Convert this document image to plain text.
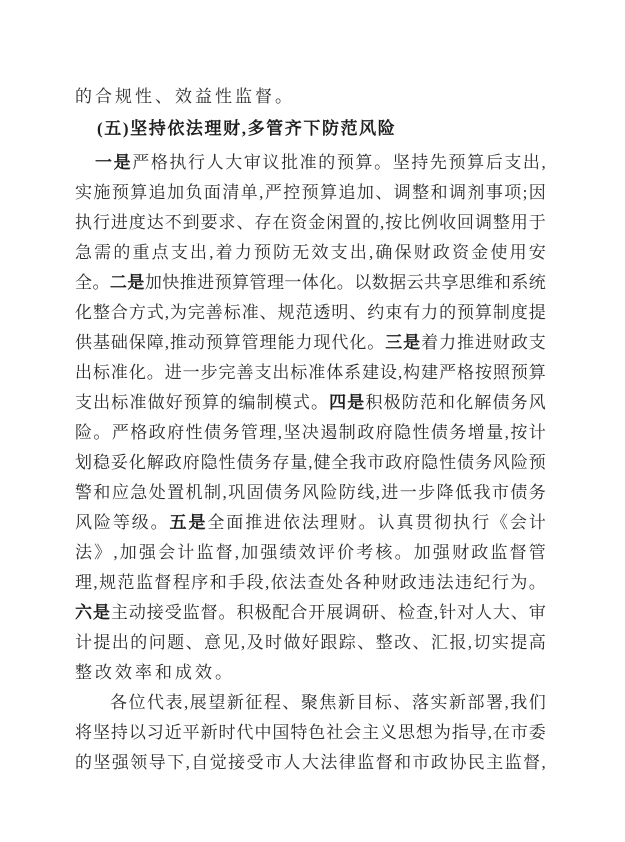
的合规性、效益性监督。
(五)坚持依法理财,多管齐下防范风险
一是严格执行人大审议批准的预算。坚持先预算后支出,
实施预算追加负面清单,严控预算追加、调整和调剂事项;因
执行进度达不到要求、存在资金闲置的,按比例收回调整用于
急需的重点支出,着力预防无效支出,确保财政资金使用安
全。二是加快推进预算管理一体化。以数据云共享思维和系统
化整合方式,为完善标准、规范透明、约束有力的预算制度提
供基础保障,推动预算管理能力现代化。三是着力推进财政支
出标准化。进一步完善支出标准体系建设,构建严格按照预算
支出标准做好预算的编制模式。四是积极防范和化解债务风
险。严格政府性债务管理,坚决遏制政府隐性债务增量,按计
划稳妥化解政府隐性债务存量,健全我市政府隐性债务风险预
警和应急处置机制,巩固债务风险防线,进一步降低我市债务
风险等级。五是全面推进依法理财。认真贯彻执行《会计
法》,加强会计监督,加强绩效评价考核。加强财政监督管
理,规范监督程序和手段,依法查处各种财政违法违纪行为。
六是主动接受监督。积极配合开展调研、检查,针对人大、审
计提出的问题、意见,及时做好跟踪、整改、汇报,切实提高
整改效率和成效。
各位代表,展望新征程、聚焦新目标、落实新部署,我们
将坚持以习近平新时代中国特色社会主义思想为指导,在市委
的坚强领导下,自觉接受市人大法律监督和市政协民主监督,
